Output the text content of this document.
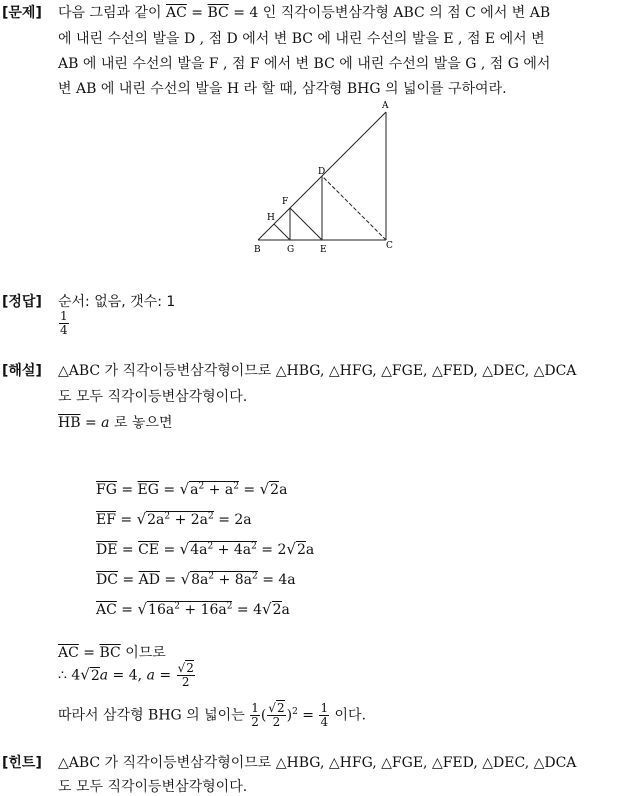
[문제] 다음 그림과 같이 $\overline{AC} = \overline{BC} = 4$ 인 직각이등변삼각형 ABC 의 점 C 에서 변 AB
에 내린 수선의 발을 D , 점 D 에서 변 BC 에 내린 수선의 발을 E , 점 E 에서 변
AB 에 내린 수선의 발을 F , 점 F 에서 변 BC 에 내린 수선의 발을 G , 점 G 에서
변 AB 에 내린 수선의 발을 H 라 할 때, 삼각형 BHG 의 넓이를 구하여라.
A
B	C
D
E
F
G
H
[정답] 순서: 없음, 갯수: 1
$\frac{1}{4}$
[해설] △ABC 가 직각이등변삼각형이므로 △HBG, △HFG, △FGE, △FED, △DEC, △DCA
도 모두 직각이등변삼각형이다.
$\overline{HB} = a$ 로 놓으면
$\overline{FG} = \overline{EG} = √a^2 + a^2 = √2a$
$\overline{EF} = √2a^2 + 2a^2 = 2a$
$\overline{DE} = \overline{CE} = √4a^2 + 4a^2 = 2√2a$
$\overline{DC} = \overline{AD} = √8a^2 + 8a^2 = 4a$
$\overline{AC} = √16a^2 + 16a^2 = 4√2a$
$\overline{AC} = \overline{BC}$ 이므로
∴ 4√2a = 4, $a = \frac{√2}{2}$
따라서 삼각형 BHG 의 넓이는 $\frac{1}{2}$ ( $\frac{√2}{2} )^2 = \frac{1}{4}$ 이다.
[힌트] △ABC 가 직각이등변삼각형이므로 △HBG, △HFG, △FGE, △FED, △DEC, △DCA
도 모두 직각이등변삼각형이다.
